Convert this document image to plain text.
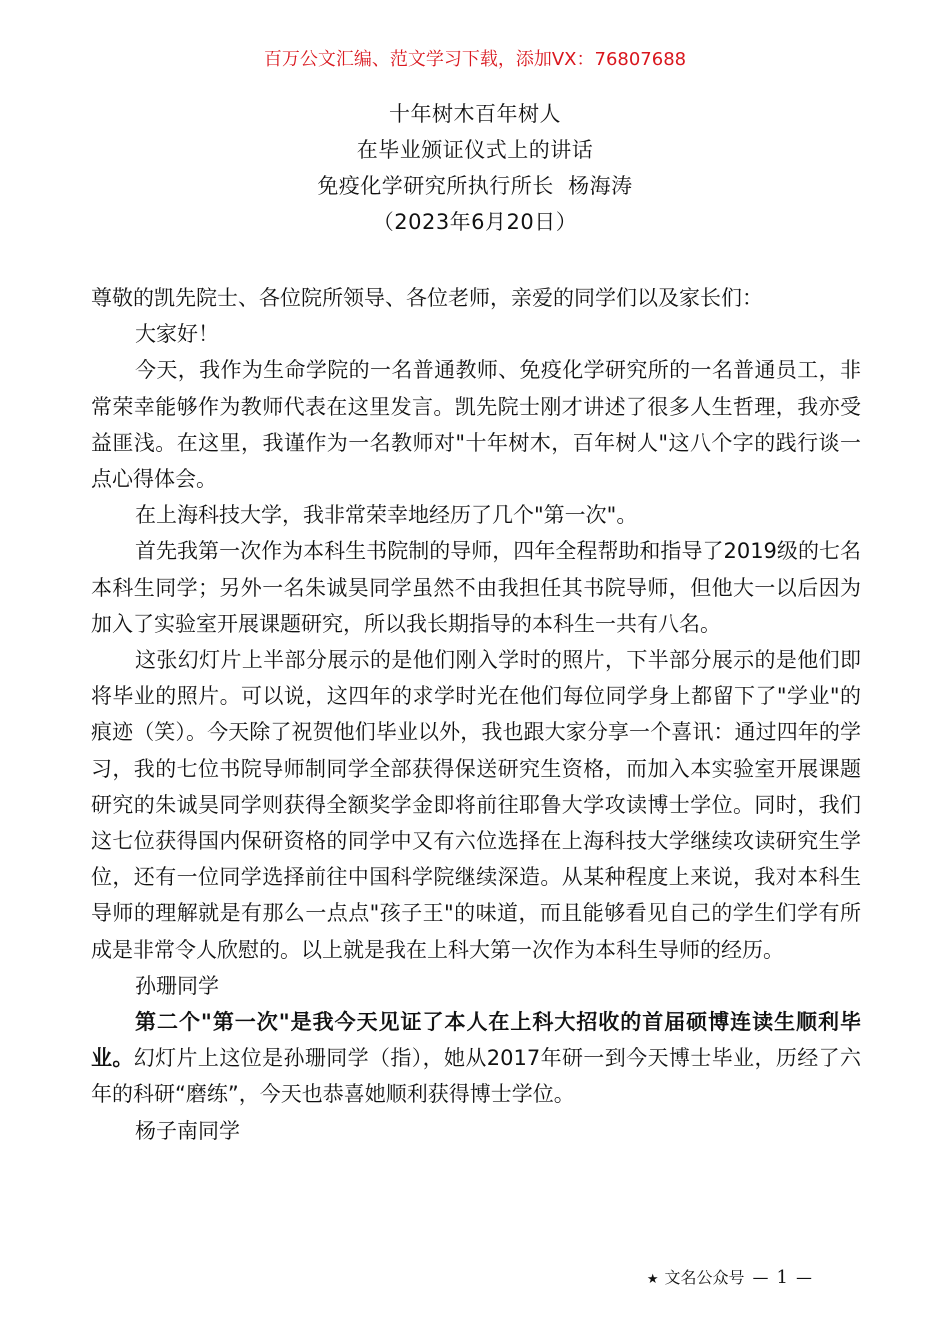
百万公文汇编、范文学习下载，添加VX：76807688
十年树木百年树人
在毕业颁证仪式上的讲话
免疫化学研究所执行所长  杨海涛
（2023年6月20日）

尊敬的凯先院士、各位院所领导、各位老师，亲爱的同学们以及家长们：

大家好！

今天，我作为生命学院的一名普通教师、免疫化学研究所的一名普通员工，非常荣幸能够作为教师代表在这里发言。凯先院士刚才讲述了很多人生哲理，我亦受益匪浅。在这里，我谨作为一名教师对"十年树木，百年树人"这八个字的践行谈一点心得体会。

在上海科技大学，我非常荣幸地经历了几个"第一次"。

首先我第一次作为本科生书院制的导师，四年全程帮助和指导了2019级的七名本科生同学；另外一名朱诚昊同学虽然不由我担任其书院导师，但他大一以后因为加入了实验室开展课题研究，所以我长期指导的本科生一共有八名。

这张幻灯片上半部分展示的是他们刚入学时的照片，下半部分展示的是他们即将毕业的照片。可以说，这四年的求学时光在他们每位同学身上都留下了"学业"的痕迹（笑）。今天除了祝贺他们毕业以外，我也跟大家分享一个喜讯：通过四年的学习，我的七位书院导师制同学全部获得保送研究生资格，而加入本实验室开展课题研究的朱诚昊同学则获得全额奖学金即将前往耶鲁大学攻读博士学位。同时，我们这七位获得国内保研资格的同学中又有六位选择在上海科技大学继续攻读研究生学位，还有一位同学选择前往中国科学院继续深造。从某种程度上来说，我对本科生导师的理解就是有那么一点点"孩子王"的味道，而且能够看见自己的学生们学有所成是非常令人欣慰的。以上就是我在上科大第一次作为本科生导师的经历。

孙珊同学

第二个"第一次"是我今天见证了本人在上科大招收的首届硕博连读生顺利毕业。幻灯片上这位是孙珊同学（指），她从2017年研一到今天博士毕业，历经了六年的科研“磨练”，今天也恭喜她顺利获得博士学位。

杨子南同学

★ 文名公众号 — 1 —
